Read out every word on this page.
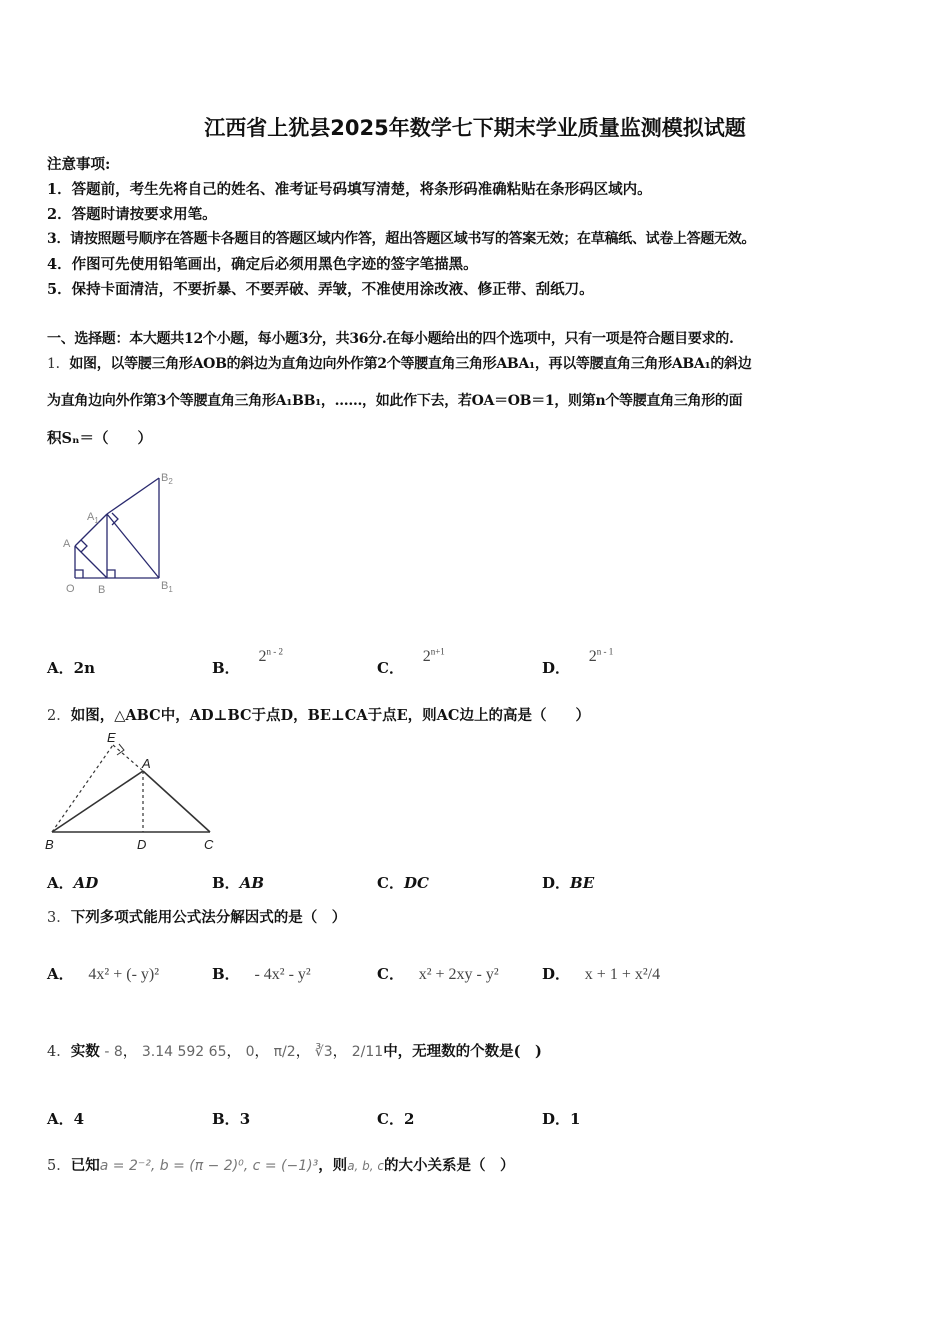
江西省上犹县2025年数学七下期末学业质量监测模拟试题
注意事项:
1．答题前，考生先将自己的姓名、准考证号码填写清楚，将条形码准确粘贴在条形码区域内。
2．答题时请按要求用笔。
3．请按照题号顺序在答题卡各题目的答题区域内作答，超出答题区域书写的答案无效；在草稿纸、试卷上答题无效。
4．作图可先使用铅笔画出，确定后必须用黑色字迹的签字笔描黑。
5．保持卡面清洁，不要折暴、不要弄破、弄皱，不准使用涂改液、修正带、刮纸刀。
一、选择题：本大题共12个小题，每小题3分，共36分.在每小题给出的四个选项中，只有一项是符合题目要求的.
1．如图，以等腰三角形AOB的斜边为直角边向外作第2个等腰直角三角形ABA₁，再以等腰直角三角形ABA₁的斜边
为直角边向外作第3个等腰直角三角形A₁BB₁，……，如此作下去，若OA＝OB＝1，则第n个等腰直角三角形的面
积Sₙ＝（　　）
O B
A
$A_1$
$B_1$
$B_2$
A．2n	B． 2$^{n - 2}$
C． $2^{n+1}$
D． 2$^{n - 1}$
2．如图，△ABC中，AD⊥BC于点D，BE⊥CA于点E，则AC边上的高是（　　）
E
A
B	D	C
A．AD	B．AB	C．DC	D．BE
3．下列多项式能用公式法分解因式的是（　）
A． 4x² + (- y)²	B． - 4x² - y²	C． x² + 2xy - y²	D． x + 1 + x²/4
4．实数 - 8， 3.14 592 65， 0， π/2， ∛3， 2/11中，无理数的个数是(　)
A．4	B．3	C．2	D．1
5．已知a = 2⁻², b = (π − 2)⁰, c = (−1)³，则a, b, c的大小关系是（　）
